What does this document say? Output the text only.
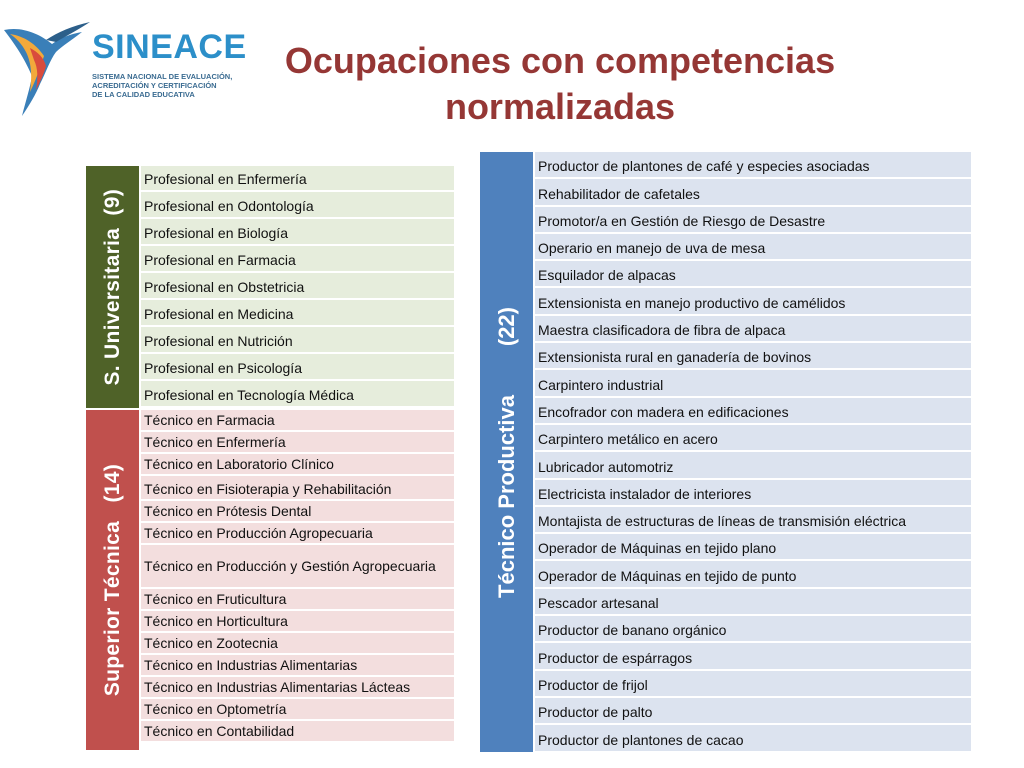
SINEACE
SISTEMA NACIONAL DE EVALUACIÓN,
ACREDITACIÓN Y CERTIFICACIÓN
DE LA CALIDAD EDUCATIVA
Ocupaciones con competencias normalizadas
S. Universitaria  (9)
Profesional en Enfermería
Profesional en Odontología
Profesional en Biología
Profesional en Farmacia
Profesional en Obstetricia
Profesional en Medicina
Profesional en Nutrición
Profesional en Psicología
Profesional en Tecnología Médica
Superior Técnica   (14)
Técnico en Farmacia
Técnico en Enfermería
Técnico en Laboratorio Clínico
Técnico en Fisioterapia y Rehabilitación
Técnico en Prótesis Dental
Técnico en Producción Agropecuaria
Técnico en Producción y Gestión Agropecuaria
Técnico en Fruticultura
Técnico en Horticultura
Técnico en Zootecnia
Técnico en Industrias Alimentarias
Técnico en Industrias Alimentarias Lácteas
Técnico en Optometría
Técnico en Contabilidad
Técnico Productiva        (22)
Productor de plantones de café y especies asociadas
Rehabilitador de cafetales
Promotor/a en Gestión de Riesgo de Desastre
Operario en manejo de uva de mesa
Esquilador de alpacas
Extensionista en manejo productivo de camélidos
Maestra clasificadora de fibra de alpaca
Extensionista rural en ganadería de bovinos
Carpintero industrial
Encofrador con madera en edificaciones
Carpintero metálico en acero
Lubricador automotriz
Electricista instalador de interiores
Montajista de estructuras de líneas de transmisión eléctrica
Operador de Máquinas en tejido plano
Operador de Máquinas en tejido de punto
Pescador artesanal
Productor de banano orgánico
Productor de espárragos
Productor de frijol
Productor de palto
Productor de plantones de cacao
